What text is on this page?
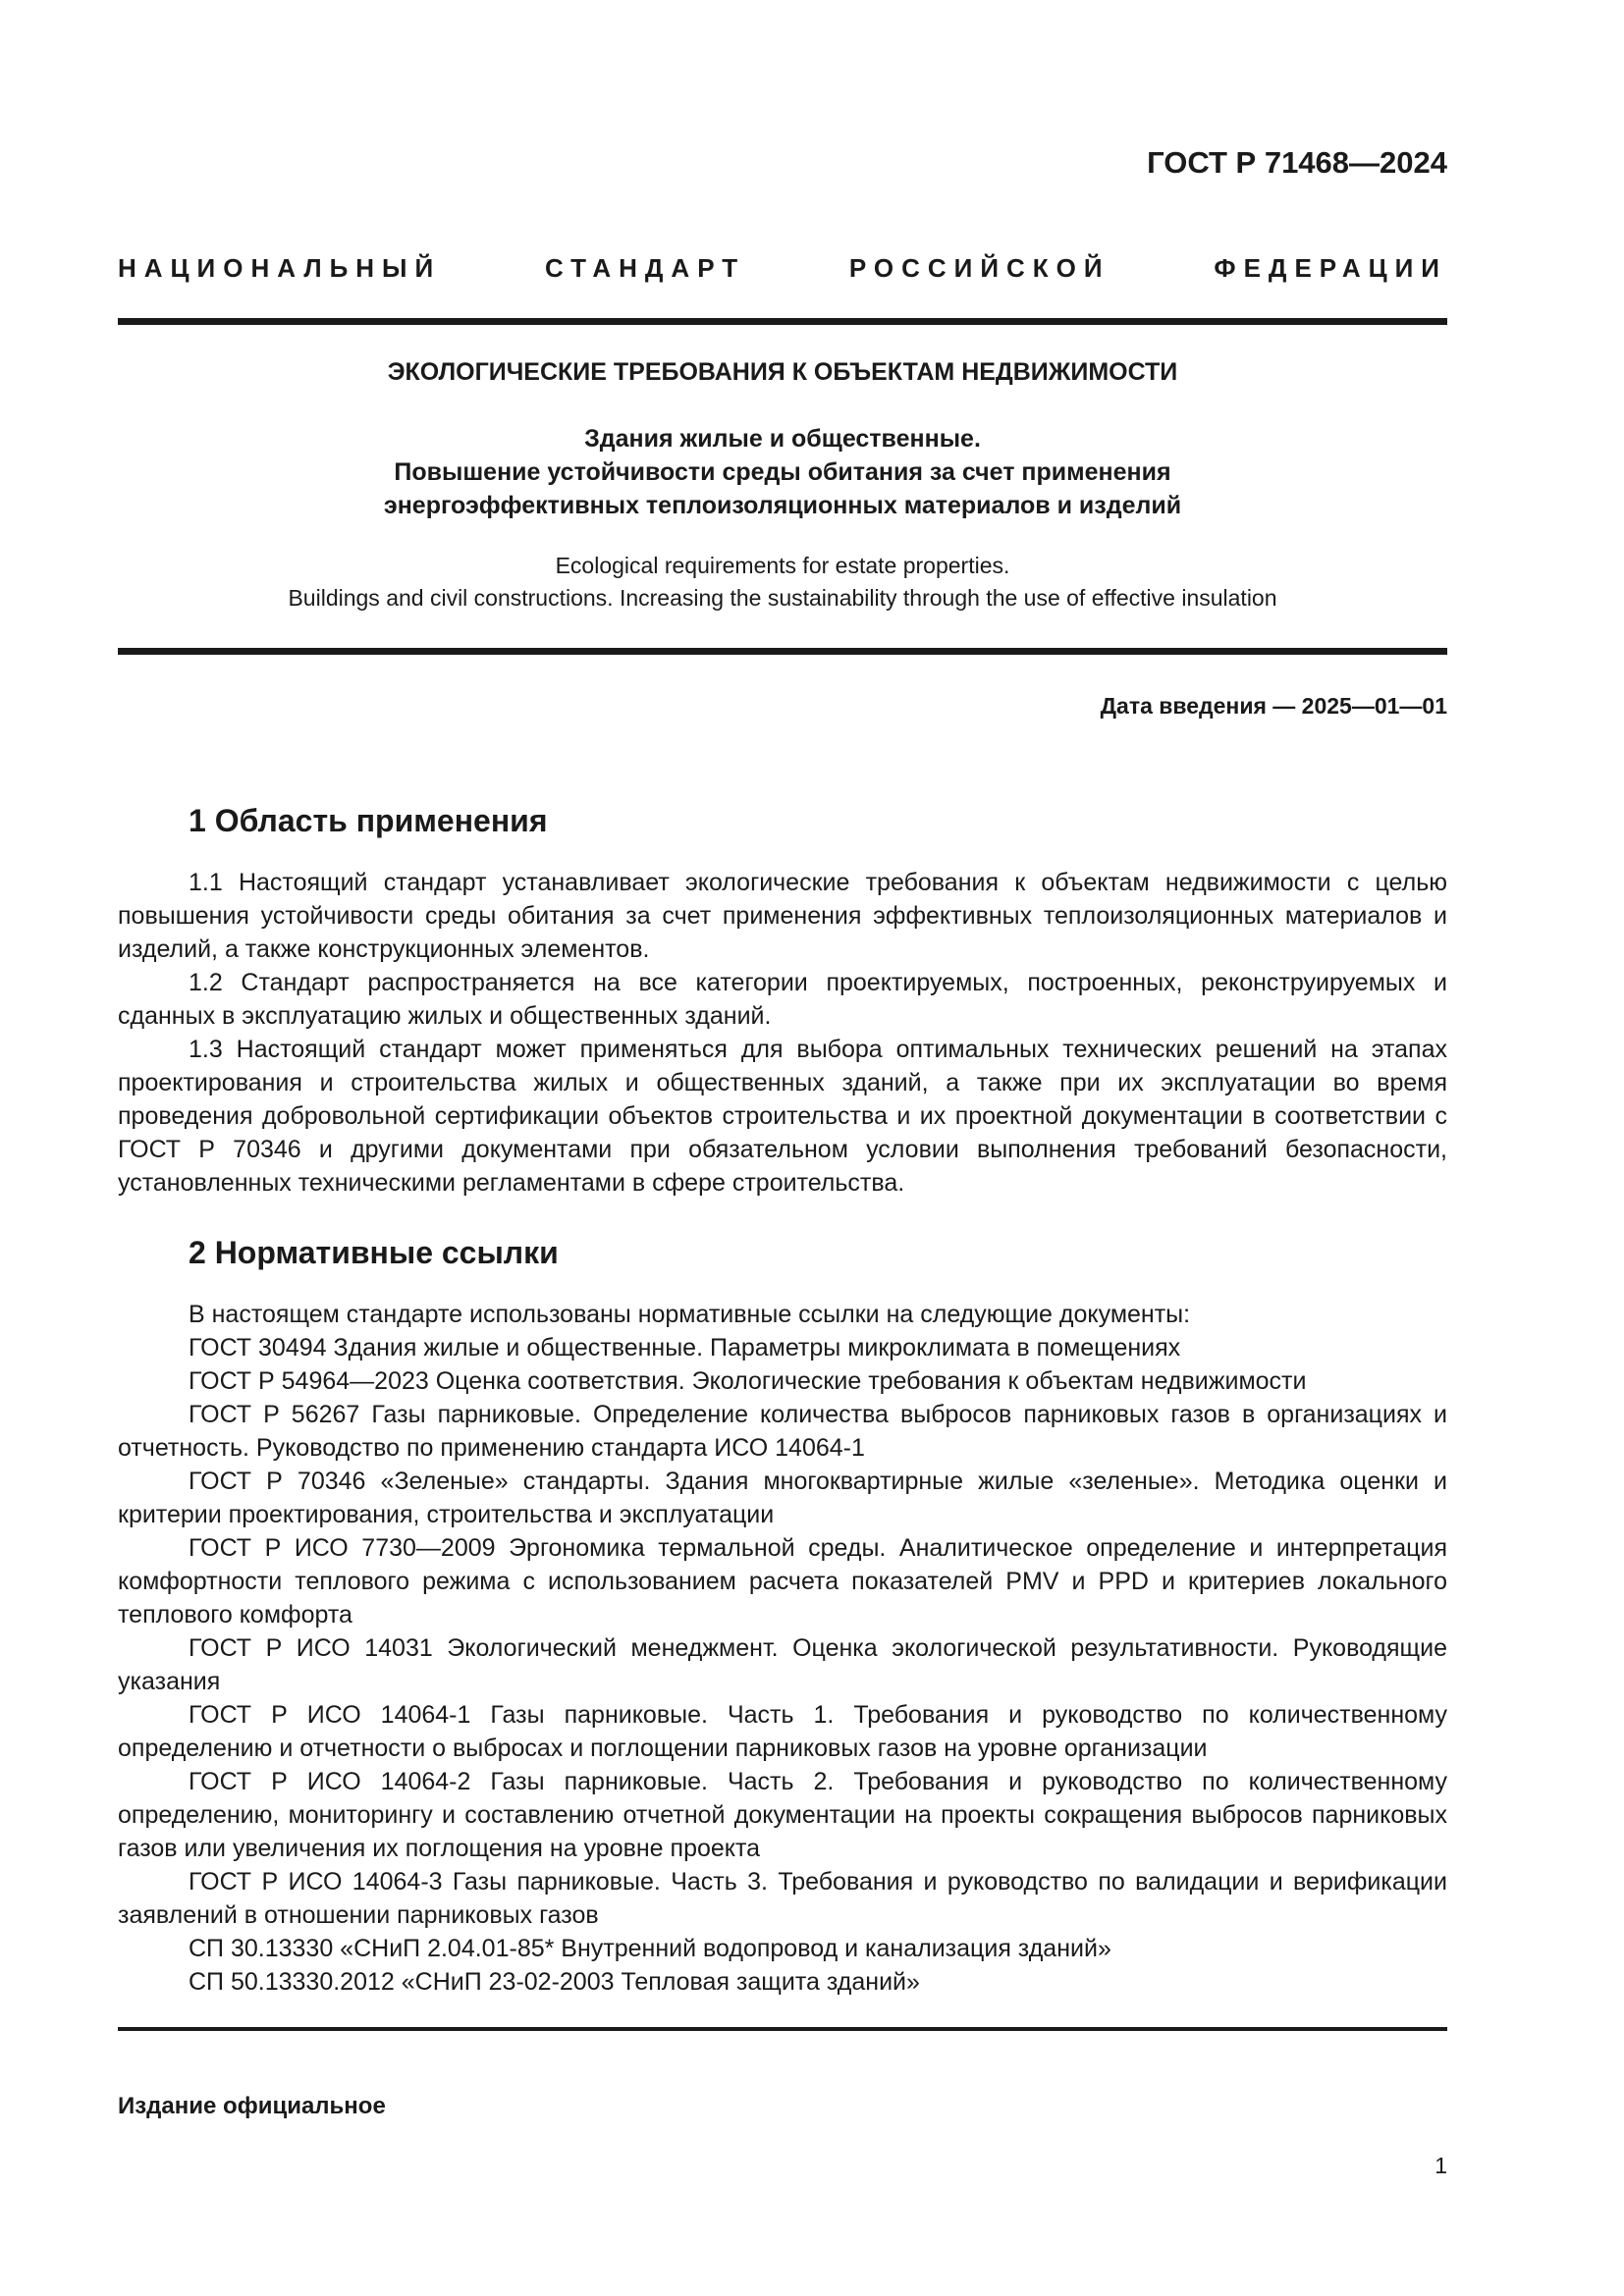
ГОСТ Р 71468—2024
НАЦИОНАЛЬНЫЙ СТАНДАРТ РОССИЙСКОЙ ФЕДЕРАЦИИ
ЭКОЛОГИЧЕСКИЕ ТРЕБОВАНИЯ К ОБЪЕКТАМ НЕДВИЖИМОСТИ
Здания жилые и общественные.
Повышение устойчивости среды обитания за счет применения
энергоэффективных теплоизоляционных материалов и изделий
Ecological requirements for estate properties.
Buildings and civil constructions. Increasing the sustainability through the use of effective insulation
Дата введения — 2025—01—01
1 Область применения

1.1 Настоящий стандарт устанавливает экологические требования к объектам недвижимости с целью повышения устойчивости среды обитания за счет применения эффективных теплоизоляционных материалов и изделий, а также конструкционных элементов.

1.2 Стандарт распространяется на все категории проектируемых, построенных, реконструируемых и сданных в эксплуатацию жилых и общественных зданий.

1.3 Настоящий стандарт может применяться для выбора оптимальных технических решений на этапах проектирования и строительства жилых и общественных зданий, а также при их эксплуатации во время проведения добровольной сертификации объектов строительства и их проектной документации в соответствии с ГОСТ Р 70346 и другими документами при обязательном условии выполнения требований безопасности, установленных техническими регламентами в сфере строительства.

2 Нормативные ссылки

В настоящем стандарте использованы нормативные ссылки на следующие документы:

ГОСТ 30494 Здания жилые и общественные. Параметры микроклимата в помещениях

ГОСТ Р 54964—2023 Оценка соответствия. Экологические требования к объектам недвижимости

ГОСТ Р 56267 Газы парниковые. Определение количества выбросов парниковых газов в организациях и отчетность. Руководство по применению стандарта ИСО 14064-1

ГОСТ Р 70346 «Зеленые» стандарты. Здания многоквартирные жилые «зеленые». Методика оценки и критерии проектирования, строительства и эксплуатации

ГОСТ Р ИСО 7730—2009 Эргономика термальной среды. Аналитическое определение и интерпретация комфортности теплового режима с использованием расчета показателей PMV и PPD и критериев локального теплового комфорта

ГОСТ Р ИСО 14031 Экологический менеджмент. Оценка экологической результативности. Руководящие указания

ГОСТ Р ИСО 14064-1 Газы парниковые. Часть 1. Требования и руководство по количественному определению и отчетности о выбросах и поглощении парниковых газов на уровне организации

ГОСТ Р ИСО 14064-2 Газы парниковые. Часть 2. Требования и руководство по количественному определению, мониторингу и составлению отчетной документации на проекты сокращения выбросов парниковых газов или увеличения их поглощения на уровне проекта

ГОСТ Р ИСО 14064-3 Газы парниковые. Часть 3. Требования и руководство по валидации и верификации заявлений в отношении парниковых газов

СП 30.13330 «СНиП 2.04.01-85* Внутренний водопровод и канализация зданий»

СП 50.13330.2012 «СНиП 23-02-2003 Тепловая защита зданий»

Издание официальное
1
